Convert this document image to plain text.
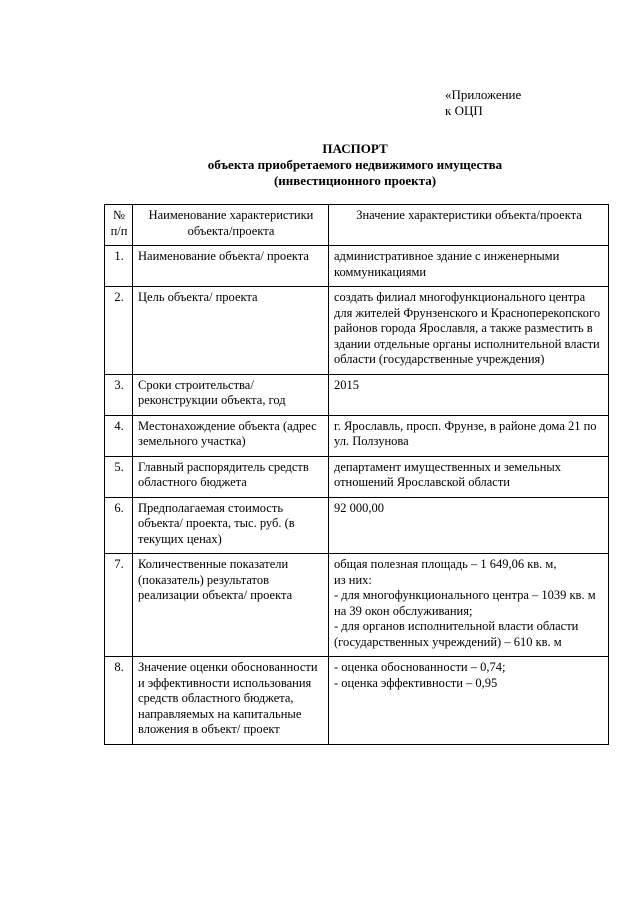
«Приложение
к ОЦП
ПАСПОРТ
объекта приобретаемого недвижимого имущества
(инвестиционного проекта)
№ п/п	Наименование характеристики объекта/проекта	Значение характеристики объекта/проекта
1.	Наименование объекта/ проекта	административное здание с инженерными коммуникациями

2.	Цель объекта/ проекта	создать филиал многофункционального центра для жителей Фрунзенского и Красноперекопского районов города Ярославля, а также разместить в здании отдельные органы исполнительной власти области (государственные учреждения)

3.	Сроки строительства/ реконструкции объекта, год	2015

4.	Местонахождение объекта (адрес земельного участка)	г. Ярославль, просп. Фрунзе, в районе дома 21 по ул. Ползунова

5.	Главный распорядитель средств областного бюджета	департамент имущественных и земельных отношений Ярославской области

6.	Предполагаемая стоимость объекта/ проекта, тыс. руб. (в текущих ценах)	92 000,00

7.	Количественные показатели (показатель) результатов реализации объекта/ проекта	общая полезная площадь – 1 649,06 кв. м,
из них:
- для многофункционального центра – 1039 кв. м на 39 окон обслуживания;
- для органов исполнительной власти области (государственных учреждений) – 610 кв. м

8.	Значение оценки обоснованности и эффективности использования средств областного бюджета, направляемых на капитальные вложения в объект/ проект	- оценка обоснованности – 0,74;
- оценка эффективности – 0,95
